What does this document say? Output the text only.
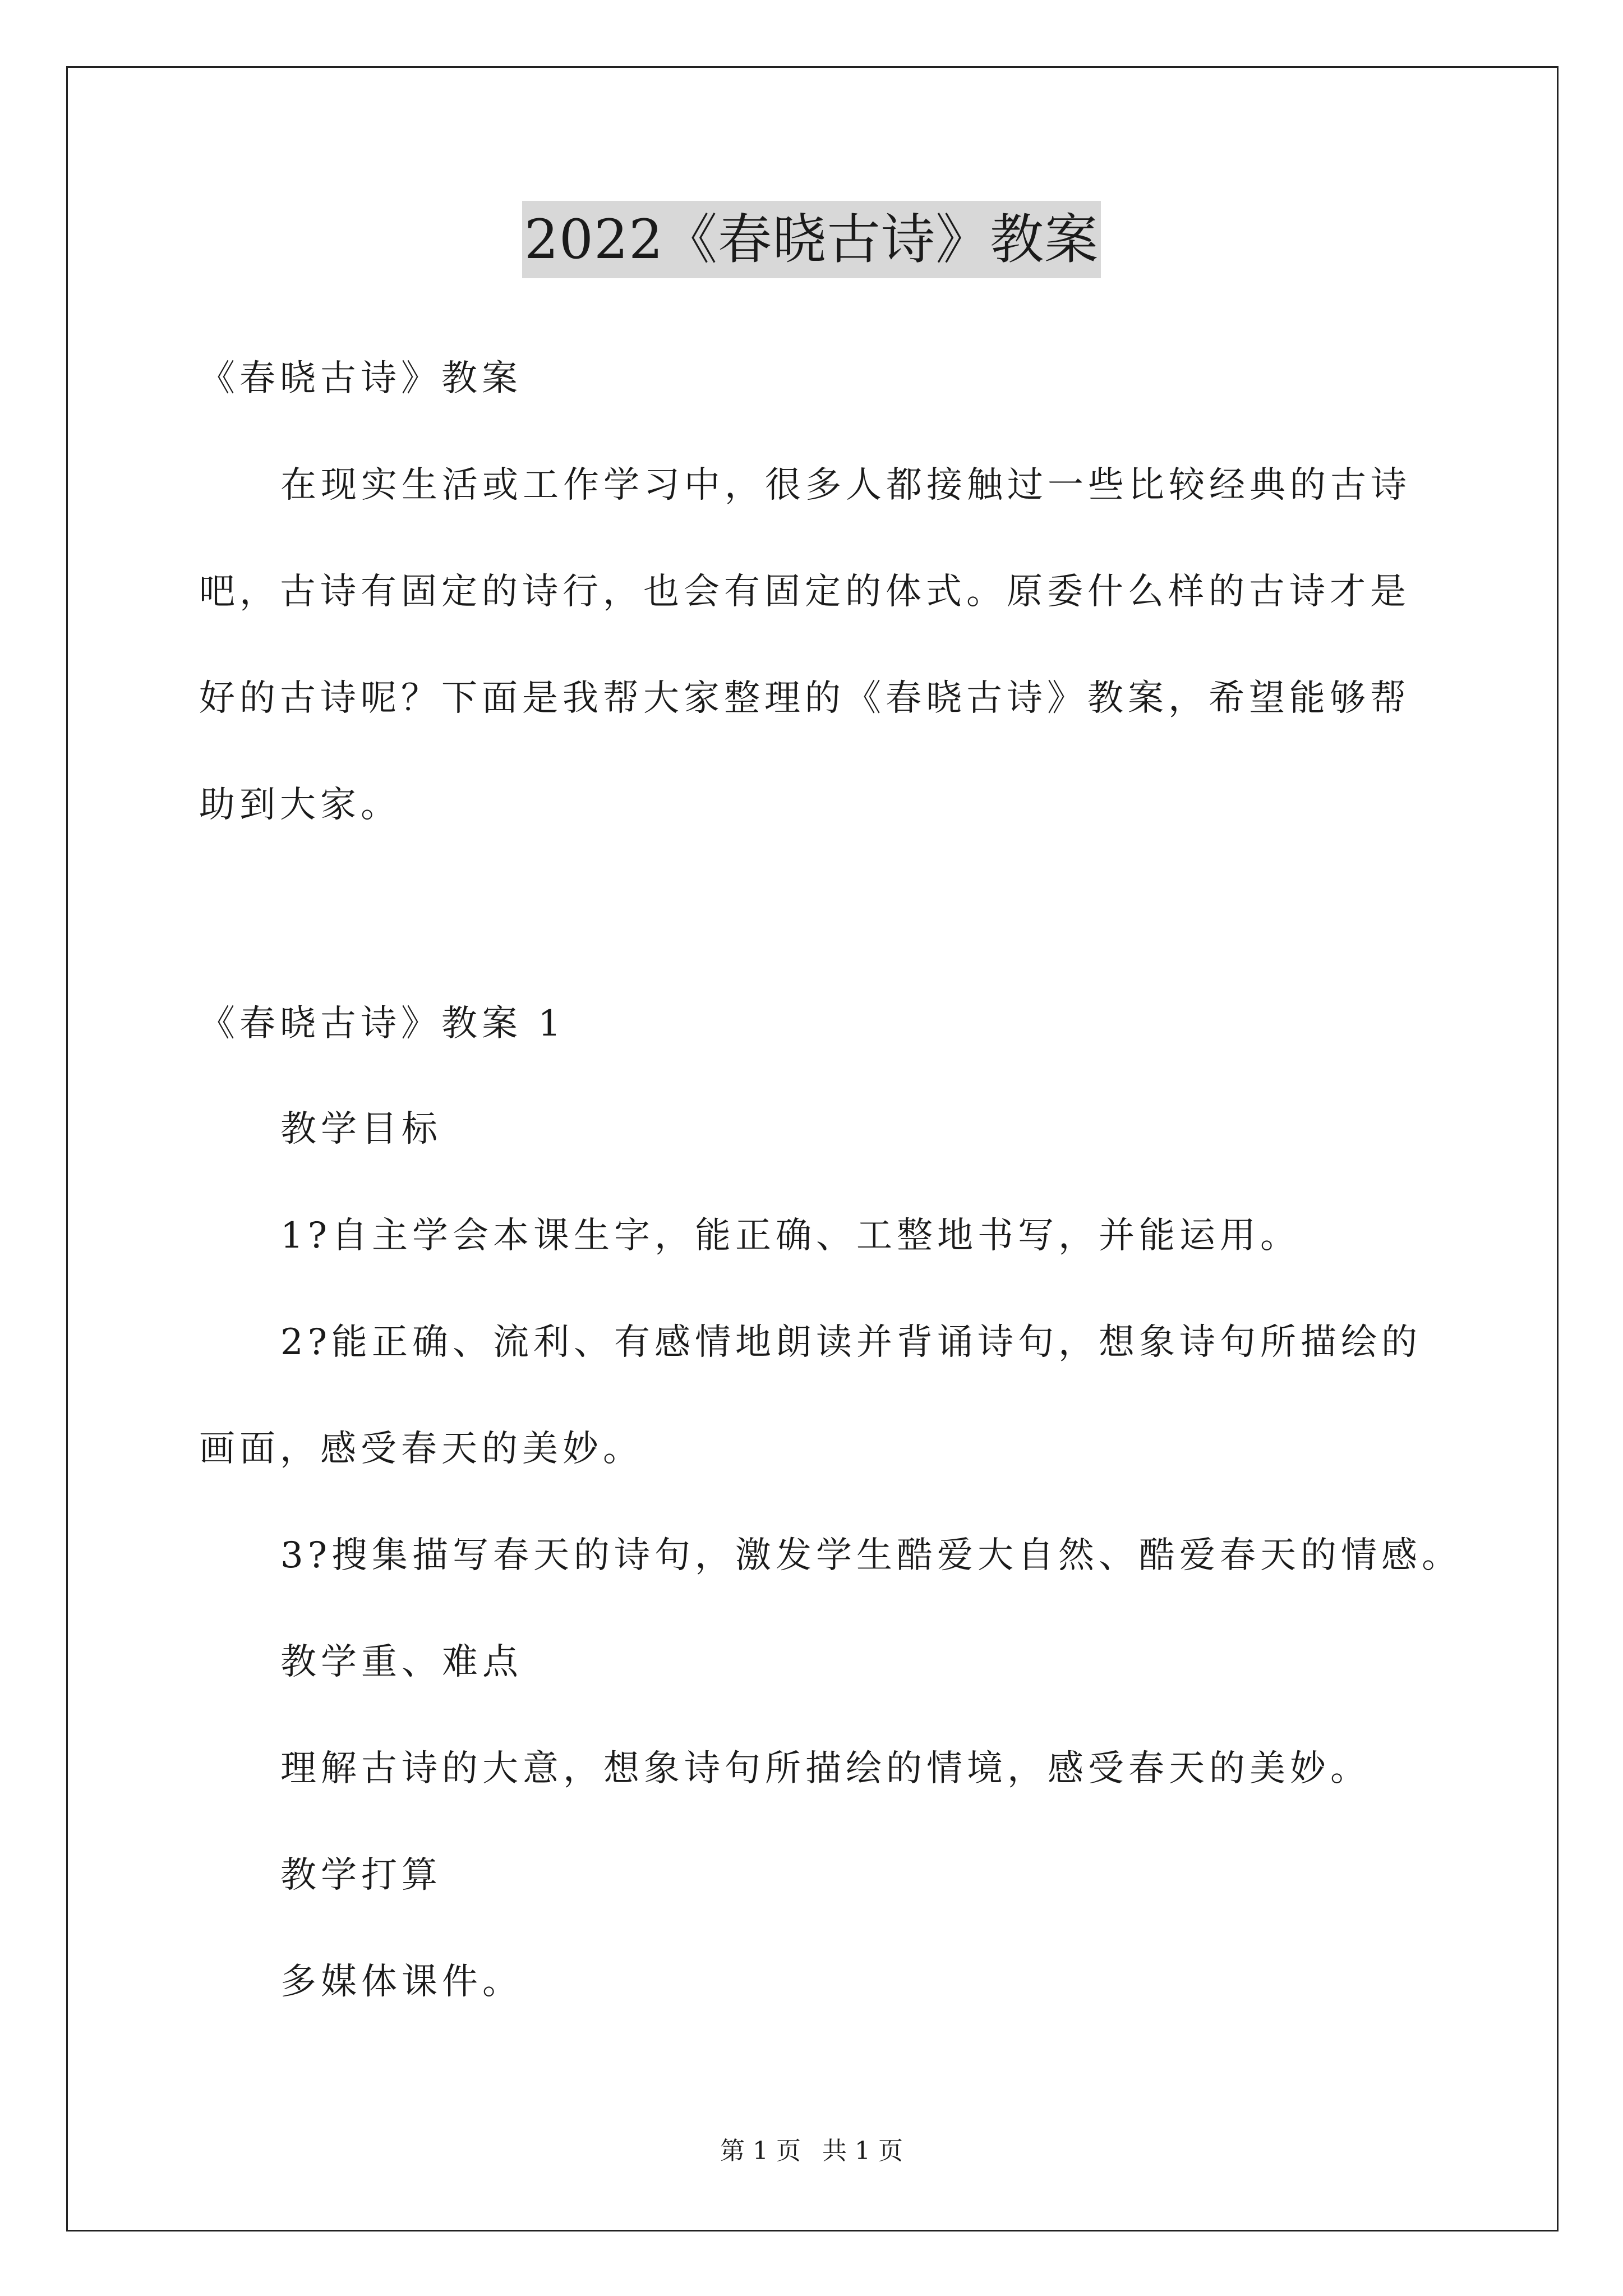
2022《春晓古诗》教案
《春晓古诗》教案
在现实生活或工作学习中，很多人都接触过一些比较经典的古诗
吧，古诗有固定的诗行，也会有固定的体式。原委什么样的古诗才是
好的古诗呢？下面是我帮大家整理的《春晓古诗》教案，希望能够帮
助到大家。
《春晓古诗》教案 1
教学目标
1?自主学会本课生字，能正确、工整地书写，并能运用。
2?能正确、流利、有感情地朗读并背诵诗句，想象诗句所描绘的
画面，感受春天的美妙。
3?搜集描写春天的诗句，激发学生酷爱大自然、酷爱春天的情感。
教学重、难点
理解古诗的大意，想象诗句所描绘的情境，感受春天的美妙。
教学打算
多媒体课件。
第 1 页 共 1 页
